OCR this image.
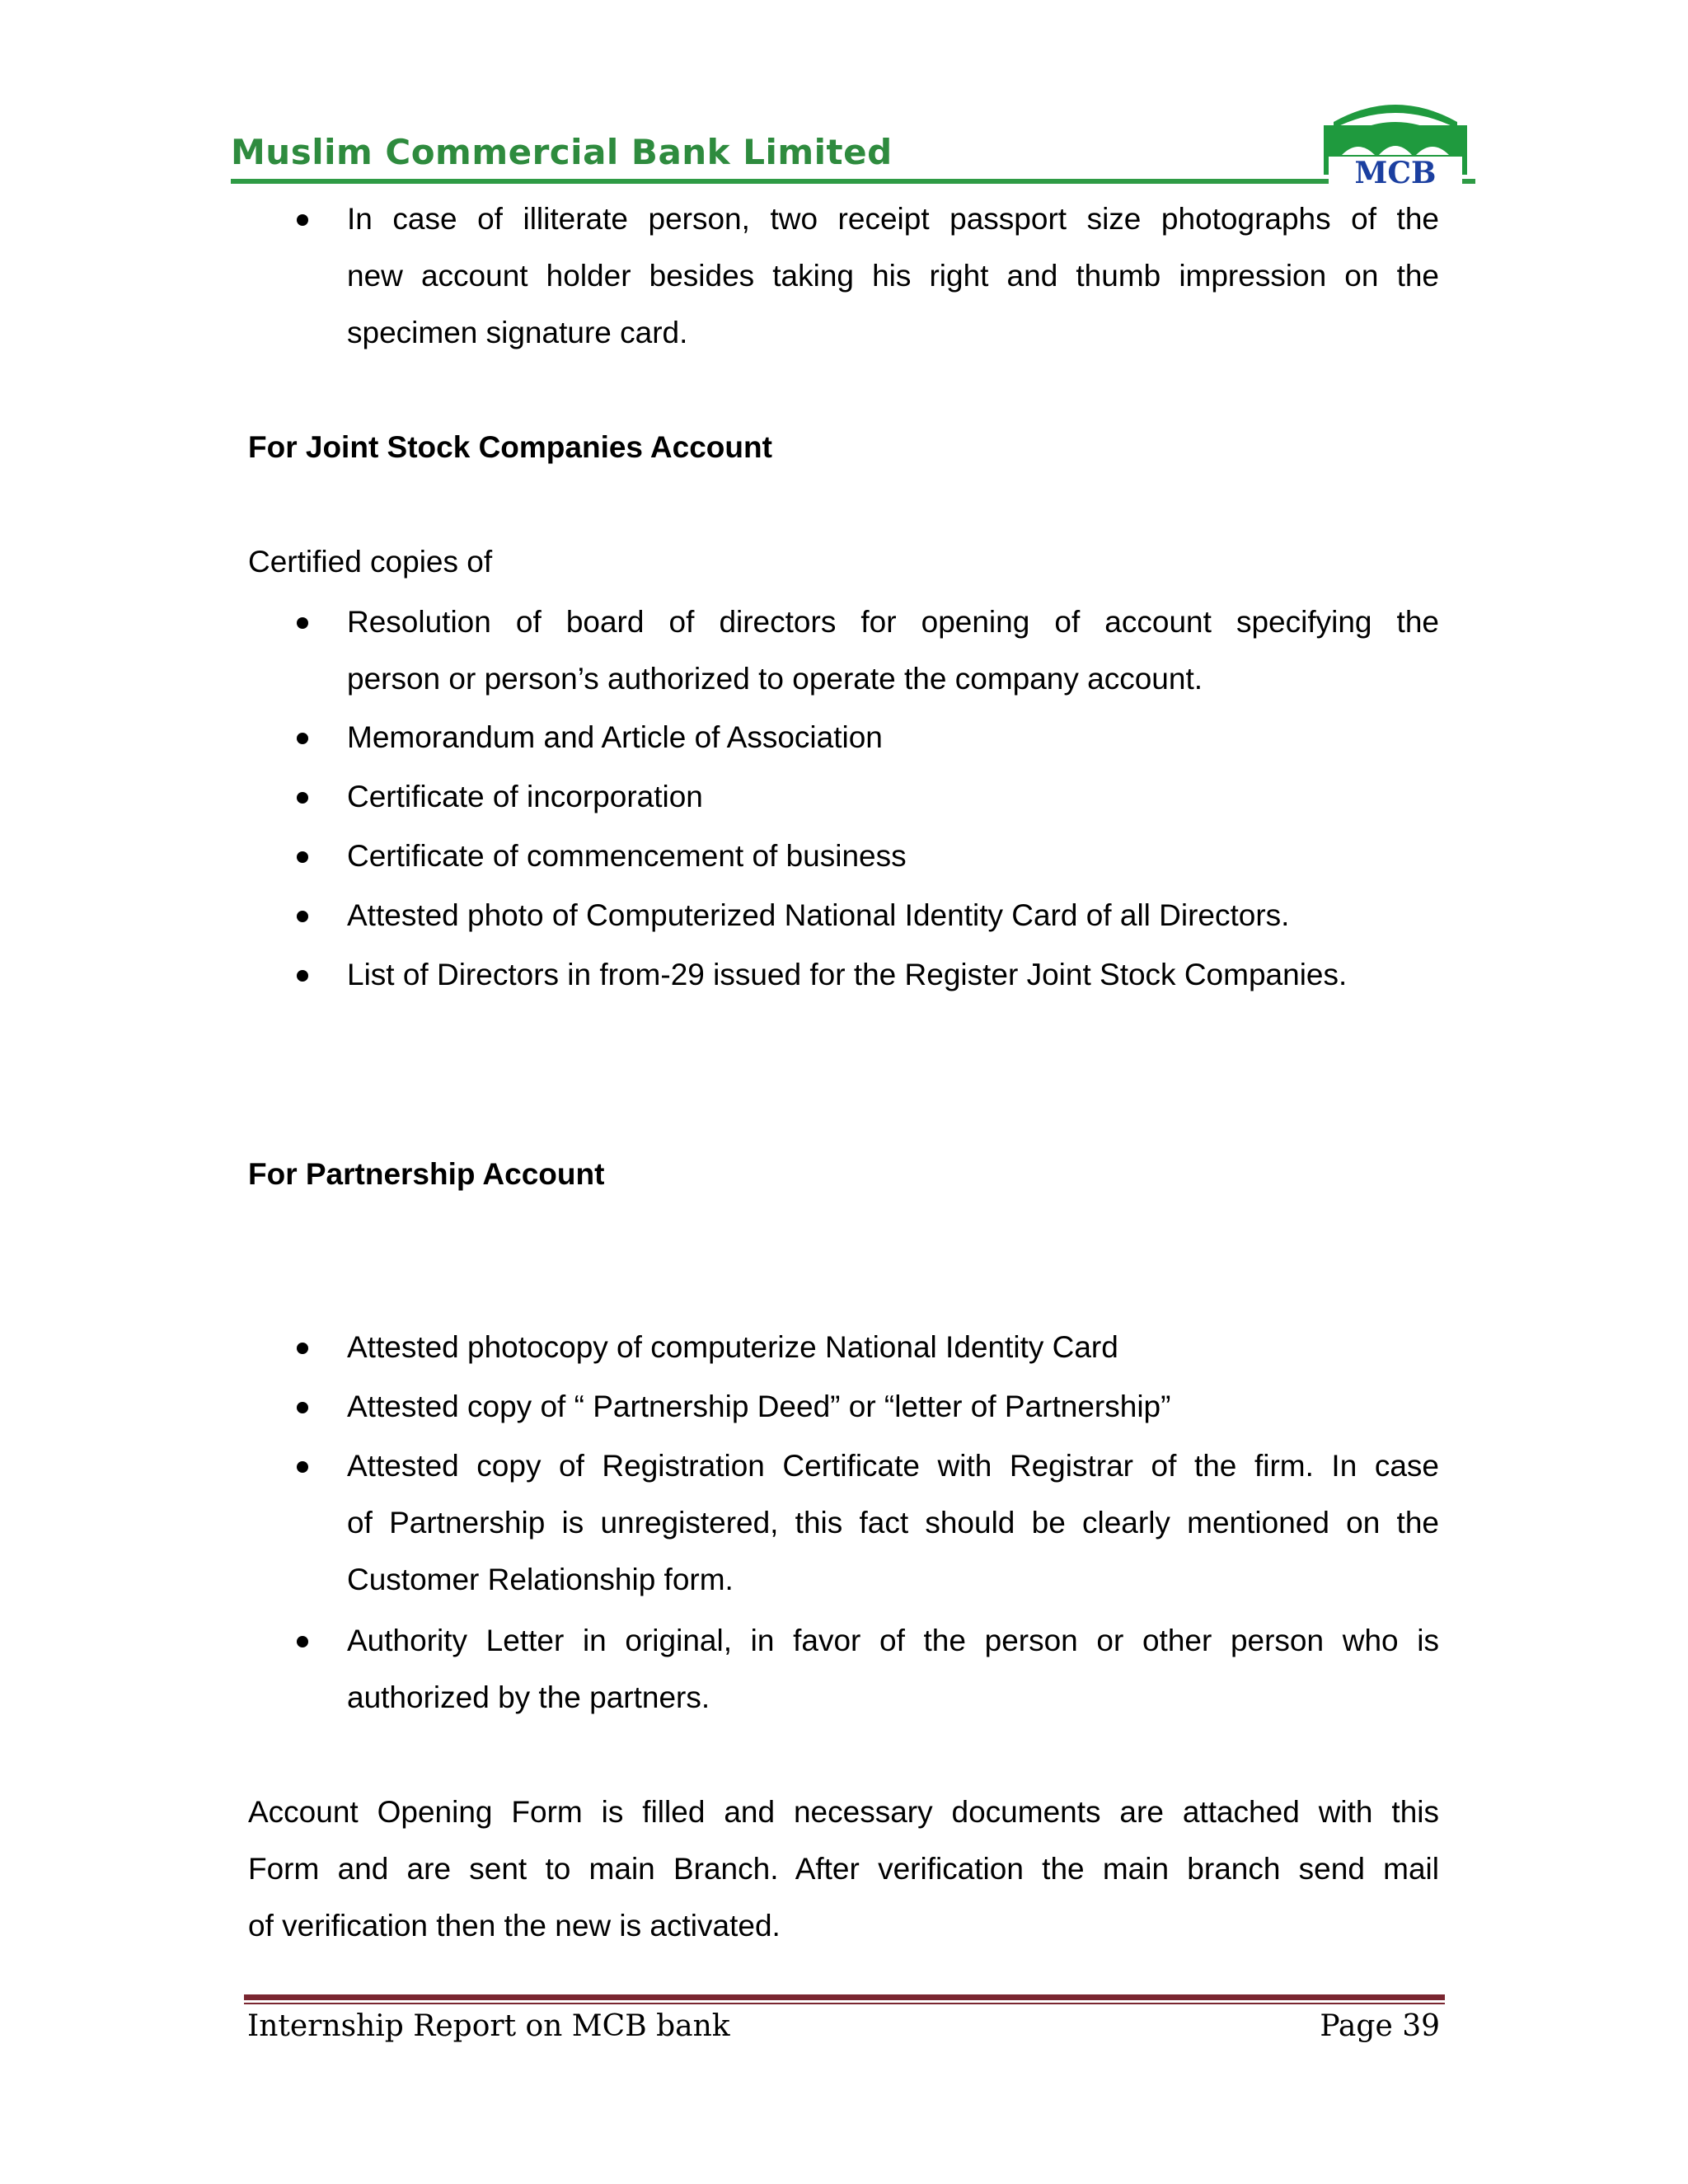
Muslim Commercial Bank Limited
MCB
In case of illiterate person, two receipt passport size photographs of the
new account holder besides taking his right and thumb impression on the
specimen signature card.
For Joint Stock Companies Account
Certified copies of
Resolution of board of directors for opening of account specifying the
person or person’s authorized to operate the company account.
Memorandum and Article of Association
Certificate of incorporation
Certificate of commencement of business
Attested photo of Computerized National Identity Card of all Directors.
List of Directors in from-29 issued for the Register Joint Stock Companies.
For Partnership Account
Attested photocopy of computerize National Identity Card
Attested copy of “ Partnership Deed” or “letter of Partnership”
Attested copy of Registration Certificate with Registrar of the firm. In case
of Partnership is unregistered, this fact should be clearly mentioned on the
Customer Relationship form.
Authority Letter in original, in favor of the person or other person who is
authorized by the partners.
Account Opening Form is filled and necessary documents are attached with this
Form and are sent to main Branch. After verification the main branch send mail
of verification then the new is activated.
Internship Report on MCB bank	Page 39
